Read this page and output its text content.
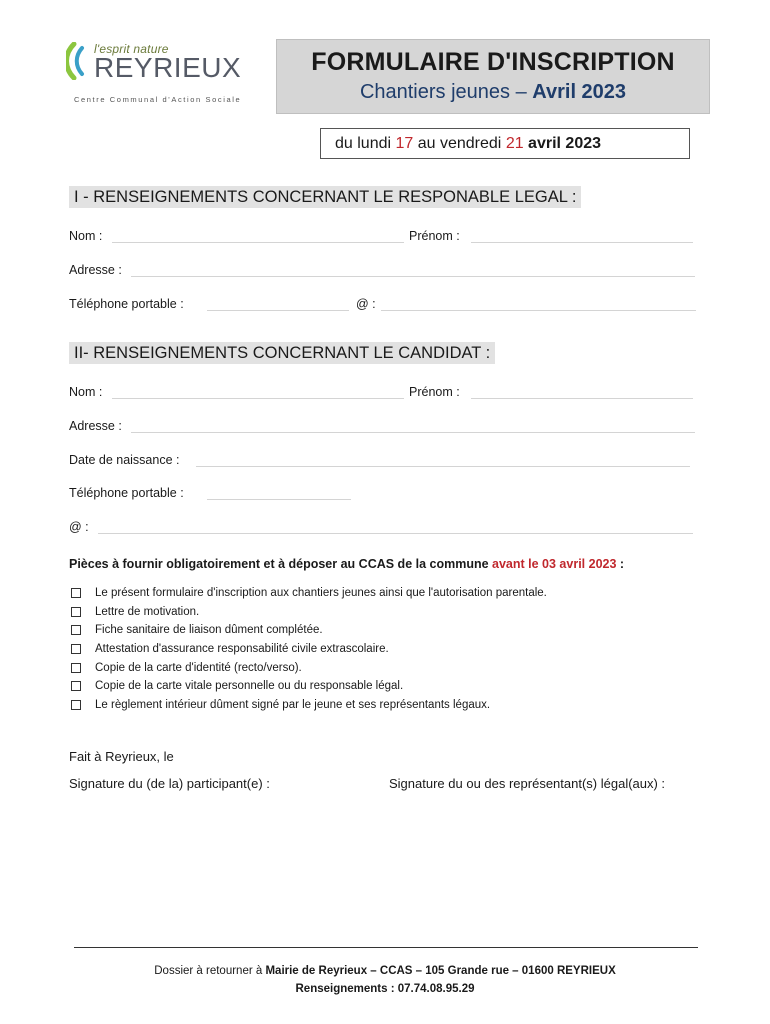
l'esprit nature
REYRIEUX
Centre Communal d'Action Sociale
FORMULAIRE D'INSCRIPTION
Chantiers jeunes – Avril 2023
du lundi 17 au vendredi 21 avril 2023
I - RENSEIGNEMENTS CONCERNANT LE RESPONABLE LEGAL :
Nom :	Prénom :
Adresse :
Téléphone portable :	@ :
II- RENSEIGNEMENTS CONCERNANT LE CANDIDAT :
Nom :	Prénom :
Adresse :
Date de naissance :
Téléphone portable :
@ :
Pièces à fournir obligatoirement et à déposer au CCAS de la commune avant le 03 avril 2023 :
Le présent formulaire d'inscription aux chantiers jeunes ainsi que l'autorisation parentale.
Lettre de motivation.
Fiche sanitaire de liaison dûment complétée.
Attestation d'assurance responsabilité civile extrascolaire.
Copie de la carte d'identité (recto/verso).
Copie de la carte vitale personnelle ou du responsable légal.
Le règlement intérieur dûment signé par le jeune et ses représentants légaux.
Fait à Reyrieux, le
Signature du (de la) participant(e) :	Signature du ou des représentant(s) légal(aux) :
Dossier à retourner à Mairie de Reyrieux – CCAS – 105 Grande rue – 01600 REYRIEUX
Renseignements : 07.74.08.95.29
